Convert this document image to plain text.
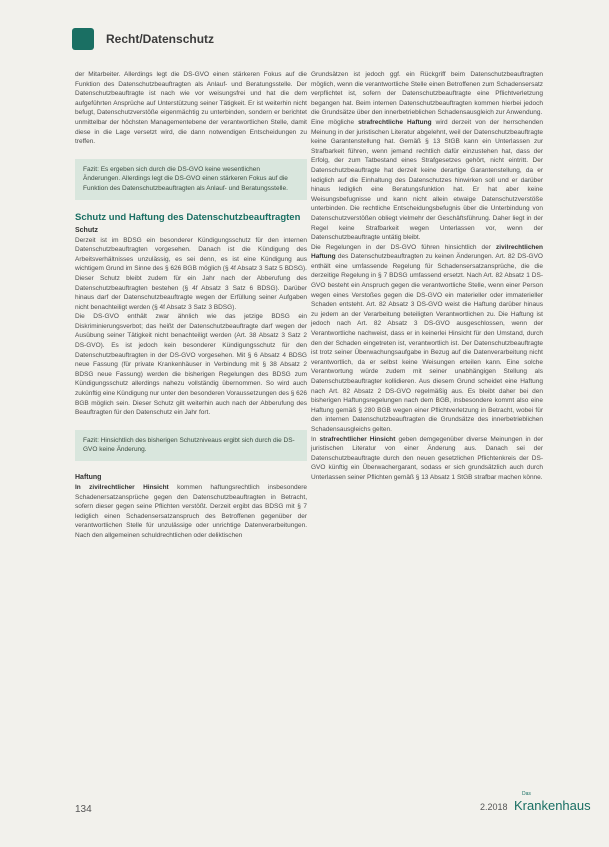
Recht/Datenschutz

der Mitarbeiter. Allerdings legt die DS-GVO einen stärkeren Fokus auf die Funktion des Datenschutzbeauftragten als Anlauf- und Beratungsstelle. Der Datenschutzbeauftragte ist nach wie vor weisungsfrei und hat die dem aufgeführten Ansprüche auf Unterstützung seiner Tätigkeit. Er ist weiterhin nicht befugt, Datenschutzverstöße eigenmächtig zu unterbinden, sondern er berichtet unmittelbar der höchsten Managementebene der verantwortlichen Stelle, damit diese in die Lage versetzt wird, die dann notwendigen Entscheidungen zu treffen.

Fazit: Es ergeben sich durch die DS-GVO keine wesentlichen Änderungen. Allerdings legt die DS-GVO einen stärkeren Fokus auf die Funktion des Datenschutzbeauftragten als Anlauf- und Beratungsstelle.
Schutz und Haftung des Datenschutzbeauftragten
Schutz

Derzeit ist im BDSG ein besonderer Kündigungsschutz für den internen Datenschutzbeauftragten vorgesehen. Danach ist die Kündigung des Arbeitsverhältnisses unzulässig, es sei denn, es ist eine Kündigung aus wichtigem Grund im Sinne des § 626 BGB möglich (§ 4f Absatz 3 Satz 5 BDSG). Dieser Schutz bleibt zudem für ein Jahr nach der Abberufung des Datenschutzbeauftragten bestehen (§ 4f Absatz 3 Satz 6 BDSG). Darüber hinaus darf der Datenschutzbeauftragte wegen der Erfüllung seiner Aufgaben nicht benachteiligt werden (§ 4f Absatz 3 Satz 3 BDSG).

Die DS-GVO enthält zwar ähnlich wie das jetzige BDSG ein Diskriminierungsverbot; das heißt der Datenschutzbeauftragte darf wegen der Ausübung seiner Tätigkeit nicht benachteiligt werden (Art. 38 Absatz 3 Satz 2 DS-GVO). Es ist jedoch kein besonderer Kündigungsschutz für den Datenschutzbeauftragten in der DS-GVO vorgesehen. Mit § 6 Absatz 4 BDSG neue Fassung (für private Krankenhäuser in Verbindung mit § 38 Absatz 2 BDSG neue Fassung) werden die bisherigen Regelungen des BDSG zum Kündigungsschutz allerdings nahezu vollständig übernommen. So wird auch zukünftig eine Kündigung nur unter den besonderen Voraussetzungen des § 626 BGB möglich sein. Dieser Schutz gilt weiterhin auch nach der Abberufung des Beauftragten für den Datenschutz ein Jahr fort.

Fazit: Hinsichtlich des bisherigen Schutzniveaus ergibt sich durch die DS-GVO keine Änderung.
Haftung

In zivilrechtlicher Hinsicht kommen haftungsrechtlich insbesondere Schadenersatzansprüche gegen den Datenschutzbeauftragten in Betracht, sofern dieser gegen seine Pflichten verstößt. Derzeit ergibt das BDSG mit § 7 lediglich einen Schadensersatzanspruch des Betroffenen gegenüber der verantwortlichen Stelle für unzulässige oder unrichtige Datenverarbeitungen. Nach den allgemeinen schuldrechtlichen oder deliktischen

Grundsätzen ist jedoch ggf. ein Rückgriff beim Datenschutzbeauftragten möglich, wenn die verantwortliche Stelle einen Betroffenen zum Schadensersatz verpflichtet ist, sofern der Datenschutzbeauftragte eine Pflichtverletzung begangen hat. Beim internen Datenschutzbeauftragten kommen hierbei jedoch die Grundsätze über den innerbetrieblichen Schadensausgleich zur Anwendung.

Eine mögliche strafrechtliche Haftung wird derzeit von der herrschenden Meinung in der juristischen Literatur abgelehnt, weil der Datenschutzbeauftragte keine Garantenstellung hat. Gemäß § 13 StGB kann ein Unterlassen zur Strafbarkeit führen, wenn jemand rechtlich dafür einzustehen hat, dass der Erfolg, der zum Tatbestand eines Strafgesetzes gehört, nicht eintritt. Der Datenschutzbeauftragte hat derzeit keine derartige Garantenstellung, da er lediglich auf die Einhaltung des Datenschutzes hinwirken soll und er darüber hinaus lediglich eine Beratungsfunktion hat. Er hat aber keine Weisungsbefugnisse und kann nicht allein etwaige Datenschutzverstöße unterbinden. Die rechtliche Entscheidungsbefugnis über die Unterbindung von Datenschutzverstößen obliegt vielmehr der Geschäftsführung. Daher liegt in der Regel keine Strafbarkeit wegen Unterlassen vor, wenn der Datenschutzbeauftragte untätig bleibt.

Die Regelungen in der DS-GVO führen hinsichtlich der zivilrechtlichen Haftung des Datenschutzbeauftragten zu keinen Änderungen. Art. 82 DS-GVO enthält eine umfassende Regelung für Schadensersatzansprüche, die die derzeitige Regelung in § 7 BDSG umfassend ersetzt. Nach Art. 82 Absatz 1 DS-GVO besteht ein Anspruch gegen die verantwortliche Stelle, wenn einer Person wegen eines Verstoßes gegen die DS-GVO ein materieller oder immaterieller Schaden entsteht. Art. 82 Absatz 3 DS-GVO weist die Haftung darüber hinaus zu jedem an der Verarbeitung beteiligten Verantwortlichen zu. Die Haftung ist jedoch nach Art. 82 Absatz 3 DS-GVO ausgeschlossen, wenn der Verantwortliche nachweist, dass er in keinerlei Hinsicht für den Umstand, durch den der Schaden eingetreten ist, verantwortlich ist. Der Datenschutzbeauftragte ist trotz seiner Überwachungsaufgabe in Bezug auf die Datenverarbeitung nicht verantwortlich, da er selbst keine Weisungen erteilen kann. Eine solche Verantwortung würde zudem mit seiner unabhängigen Stellung als Datenschutzbeauftragter kollidieren. Aus diesem Grund scheidet eine Haftung nach Art. 82 Absatz 2 DS-GVO regelmäßig aus. Es bleibt daher bei den bisherigen Haftungsregelungen nach dem BGB, insbesondere kommt also eine Haftung gemäß § 280 BGB wegen einer Pflichtverletzung in Betracht, wobei für den internen Datenschutzbeauftragten die Grundsätze des innerbetrieblichen Schadensausgleichs gelten.

In strafrechtlicher Hinsicht geben demgegenüber diverse Meinungen in der juristischen Literatur von einer Änderung aus. Danach sei der Datenschutzbeauftragte durch den neuen gesetzlichen Pflichtenkreis der DS-GVO künftig ein Überwachergarant, sodass er sich grundsätzlich auch durch Unterlassen seiner Pflichten gemäß § 13 Absatz 1 StGB strafbar machen könne.

134	2.2018
Das
Krankenhaus
